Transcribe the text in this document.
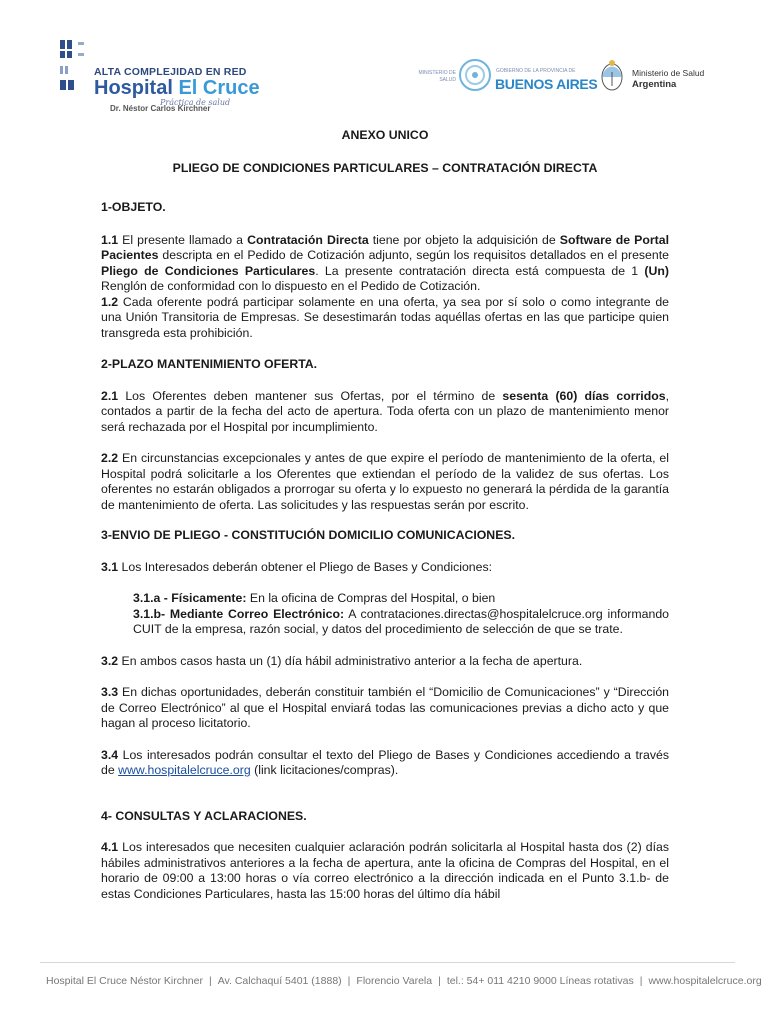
ALTA COMPLEJIDAD EN RED
Hospital El Cruce
Práctica de salud
Dr. Néstor Carlos Kirchner
MINISTERIO DE SALUD
GOBIERNO DE LA PROVINCIA DE
BUENOS AIRES
Ministerio de Salud
Argentina

ANEXO UNICO

PLIEGO DE CONDICIONES PARTICULARES – CONTRATACIÓN DIRECTA

1-OBJETO.

1.1 El presente llamado a Contratación Directa tiene por objeto la adquisición de Software de Portal Pacientes descripta en el Pedido de Cotización adjunto, según los requisitos detallados en el presente Pliego de Condiciones Particulares. La presente contratación directa está compuesta de 1 (Un) Renglón de conformidad con lo dispuesto en el Pedido de Cotización.

1.2 Cada oferente podrá participar solamente en una oferta, ya sea por sí solo o como integrante de una Unión Transitoria de Empresas. Se desestimarán todas aquéllas ofertas en las que participe quien transgreda esta prohibición.

2-PLAZO MANTENIMIENTO OFERTA.

2.1 Los Oferentes deben mantener sus Ofertas, por el término de sesenta (60) días corridos, contados a partir de la fecha del acto de apertura. Toda oferta con un plazo de mantenimiento menor será rechazada por el Hospital por incumplimiento.

2.2 En circunstancias excepcionales y antes de que expire el período de mantenimiento de la oferta, el Hospital podrá solicitarle a los Oferentes que extiendan el período de la validez de sus ofertas. Los oferentes no estarán obligados a prorrogar su oferta y lo expuesto no generará la pérdida de la garantía de mantenimiento de oferta. Las solicitudes y las respuestas serán por escrito.

3-ENVIO DE PLIEGO - CONSTITUCIÓN DOMICILIO COMUNICACIONES.

3.1 Los Interesados deberán obtener el Pliego de Bases y Condiciones:

3.1.a - Físicamente: En la oficina de Compras del Hospital, o bien

3.1.b- Mediante Correo Electrónico: A contrataciones.directas@hospitalelcruce.org informando CUIT de la empresa, razón social, y datos del procedimiento de selección de que se trate.

3.2 En ambos casos hasta un (1) día hábil administrativo anterior a la fecha de apertura.

3.3 En dichas oportunidades, deberán constituir también el “Domicilio de Comunicaciones” y “Dirección de Correo Electrónico” al que el Hospital enviará todas las comunicaciones previas a dicho acto y que hagan al proceso licitatorio.

3.4 Los interesados podrán consultar el texto del Pliego de Bases y Condiciones accediendo a través de www.hospitalelcruce.org (link licitaciones/compras).

4- CONSULTAS Y ACLARACIONES.

4.1 Los interesados que necesiten cualquier aclaración podrán solicitarla al Hospital hasta dos (2) días hábiles administrativos anteriores a la fecha de apertura, ante la oficina de Compras del Hospital, en el horario de 09:00 a 13:00 horas o vía correo electrónico a la dirección indicada en el Punto 3.1.b- de estas Condiciones Particulares, hasta las 15:00 horas del último día hábil

Hospital El Cruce Néstor Kirchner | Av. Calchaquí 5401 (1888) | Florencio Varela | tel.: 54+ 011 4210 9000 Líneas rotativas | www.hospitalelcruce.org
